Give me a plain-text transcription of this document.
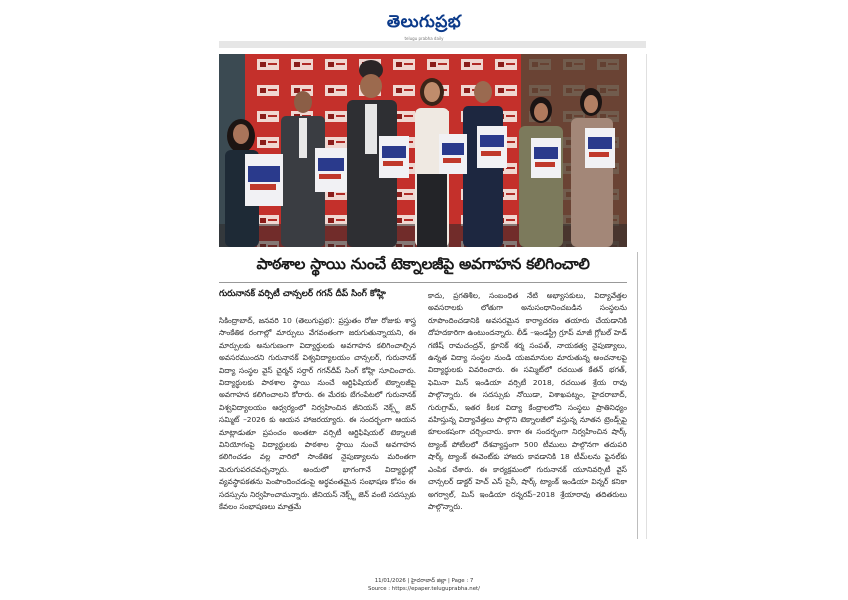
తెలుగుప్రభ
telugu prabha daily
పాఠశాల స్థాయి నుంచే టెక్నాలజీపై అవగాహన కలిగించాలి
గురునానక్ వర్సిటీ చాన్సలర్ గగన్ దీప్ సింగ్ కోహ్లి

సికింద్రాబాద్, జనవరి 10 (తెలుగుప్రభ): ప్రస్తుతం రోజు రోజుకు శాస్త్ర సాంకేతిక రంగాల్లో మార్పులు వేగవంతంగా జరుగుతున్నాయని, ఈ మార్పులకు అనుగుణంగా విద్యార్థులకు అవగాహన కలిగించాల్సిన అవసరముందని గురునానక్ విశ్వవిద్యాలయం చాన్సలర్, గురునానక్ విద్యా సంస్థల వైస్ చైర్మన్ సర్దార్ గగన్‌దీప్ సింగ్ కోహ్లి సూచించారు. విద్యార్థులకు పాఠశాల స్థాయి నుంచే ఆర్టిఫిషియల్ టెక్నాలజీపై అవగాహన కలిగించాలని కోరారు. ఈ మేరకు బేగంపేటలో గురునానక్ విశ్వవిద్యాలయం ఆధ్వర్యంలో నిర్వహించిన జీనియస్ నెక్స్ట్ జెన్ సమ్మిట్ –2026 కు ఆయన హాజరయ్యారు. ఈ సందర్భంగా ఆయన మాట్లాడుతూ ప్రపంచం అంతటా వర్సిటీ ఆర్టిఫిషియల్ టెక్నాలజీ వినియోగంపై విద్యార్థులకు పాఠశాల స్థాయి నుంచే అవగాహన కలిగించడం వల్ల వారిలో సాంకేతిక నైపుణ్యాలను మరింతగా మెరుగుపరచవచ్చన్నారు. అందులో భాగంగానే విద్యార్థుల్లో వ్యవస్థాపకతను పెంపొందించడంపై అర్థవంతమైన సంభాషణ కోసం ఈ సదస్సును నిర్వహించామన్నారు. జీనియస్ నెక్స్ట్ జెన్ వంటి సదస్సుకు కేవలం సంభాషణలు మాత్రమే

కాదు, ప్రగతిశీల, సంబంధిత నేటి అభ్యాసకులు, విద్యావేత్తల అవసరాలకు లోతుగా అనుసంధానించబడిన సంస్థలను రూపొందించడానికి అవసరమైన కార్యాచరణ తయారు చేయడానికి దోహదకారిగా ఉంటుందన్నారు. లీడ్ –ఇండస్ట్రీ గ్రూప్ మాజీ గ్లోబల్ హెడ్ గణేష్ రామచంద్రన్, క్రూనిక్ శర్మ సంపత్, నాయకత్వ నైపుణ్యాలు, ఉన్నత విద్యా సంస్థల నుండి యజమానుల మారుతున్న అంచనాలపై విద్యార్థులకు వివరించారు. ఈ సమ్మిట్‌లో రచయిత కేతన్ భగత్, ఫెమినా మిస్ ఇండియా వర్సిటీ 2018, రచయిత శ్రేయ రావు పాల్గొన్నారు. ఈ సదస్సుకు నోయిడా, విశాఖపట్నం, హైదరాబాద్, గురుగ్రామ్, ఇతర కీలక విద్యా కేంద్రాలలోని సంస్థలు ప్రాతినిధ్యం వహిస్తున్న విద్యావేత్తలు పాల్గొని టెక్నాలజీలో వస్తున్న నూతన ట్రెండ్స్‌పై కూలంకషంగా చర్చించారు. కాగా ఈ సందర్భంగా నిర్వహించిన షార్క్ ట్యాంక్ పోటీలలో దేశవ్యాప్తంగా 500 టీములు పాల్గొనగా తదుపరి షార్క్ ట్యాంక్ ఈవెంట్‌కు హాజరు కావడానికి 18 టీమ్‌లను ఫైనల్‌కు ఎంపిక చేశారు. ఈ కార్యక్రమంలో గురునానక్ యూనివర్సిటీ వైస్ చాన్సలర్ డాక్టర్ హెచ్ ఎస్ సైనీ, షార్క్ ట్యాంక్ ఇండియా విన్నర్ కనికా అగర్వాల్, మిస్ ఇండియా రన్నరప్–2018 శ్రేయారావు తదితరులు పాల్గొన్నారు.

11/01/2026 | హైదరాబాద్ జిల్లా | Page : 7
Source : https://epaper.teluguprabha.net/
